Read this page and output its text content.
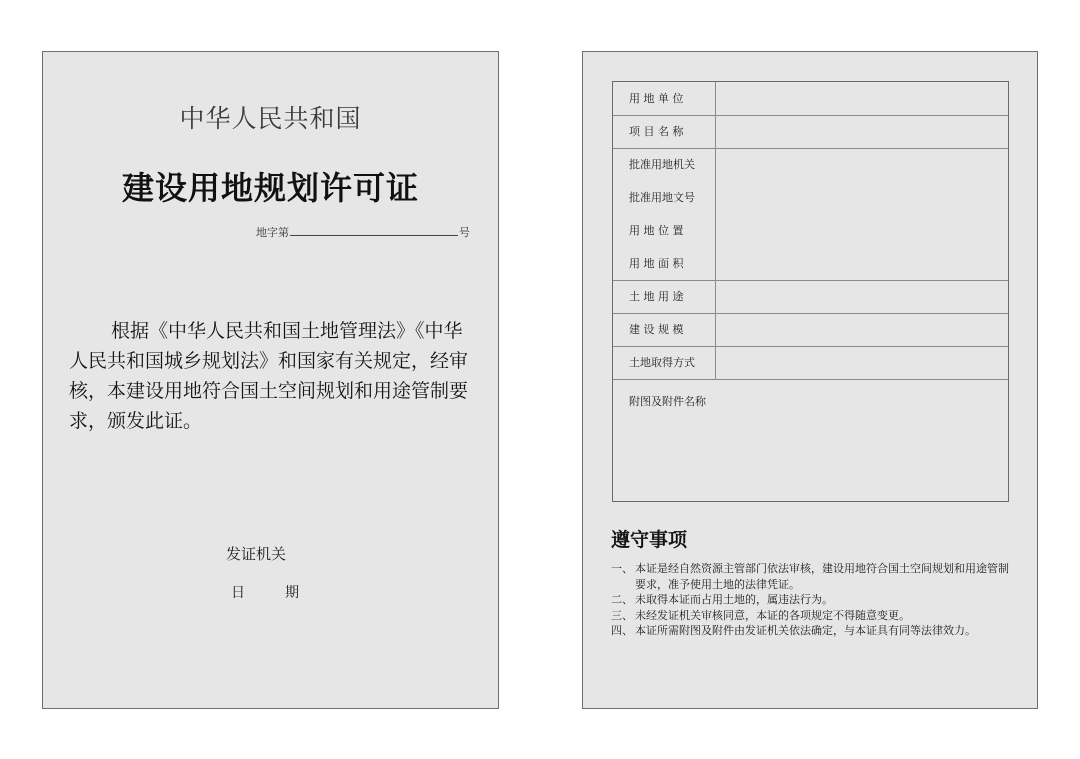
中华人民共和国
建设用地规划许可证
地字第	号
根据《中华人民共和国土地管理法》《中华人民共和国城乡规划法》和国家有关规定，经审核，本建设用地符合国土空间规划和用途管制要求，颁发此证。
发证机关
日	期
用 地 单 位
项 目 名 称
批准用地机关
批准用地文号
用 地 位 置
用 地 面 积
土 地 用 途
建 设 规 模
土地取得方式
附图及附件名称
遵守事项
一、 本证是经自然资源主管部门依法审核，建设用地符合国土空间规划和用途管制要求，准予使用土地的法律凭证。
二、 未取得本证而占用土地的，属违法行为。
三、 未经发证机关审核同意，本证的各项规定不得随意变更。
四、 本证所需附图及附件由发证机关依法确定，与本证具有同等法律效力。
